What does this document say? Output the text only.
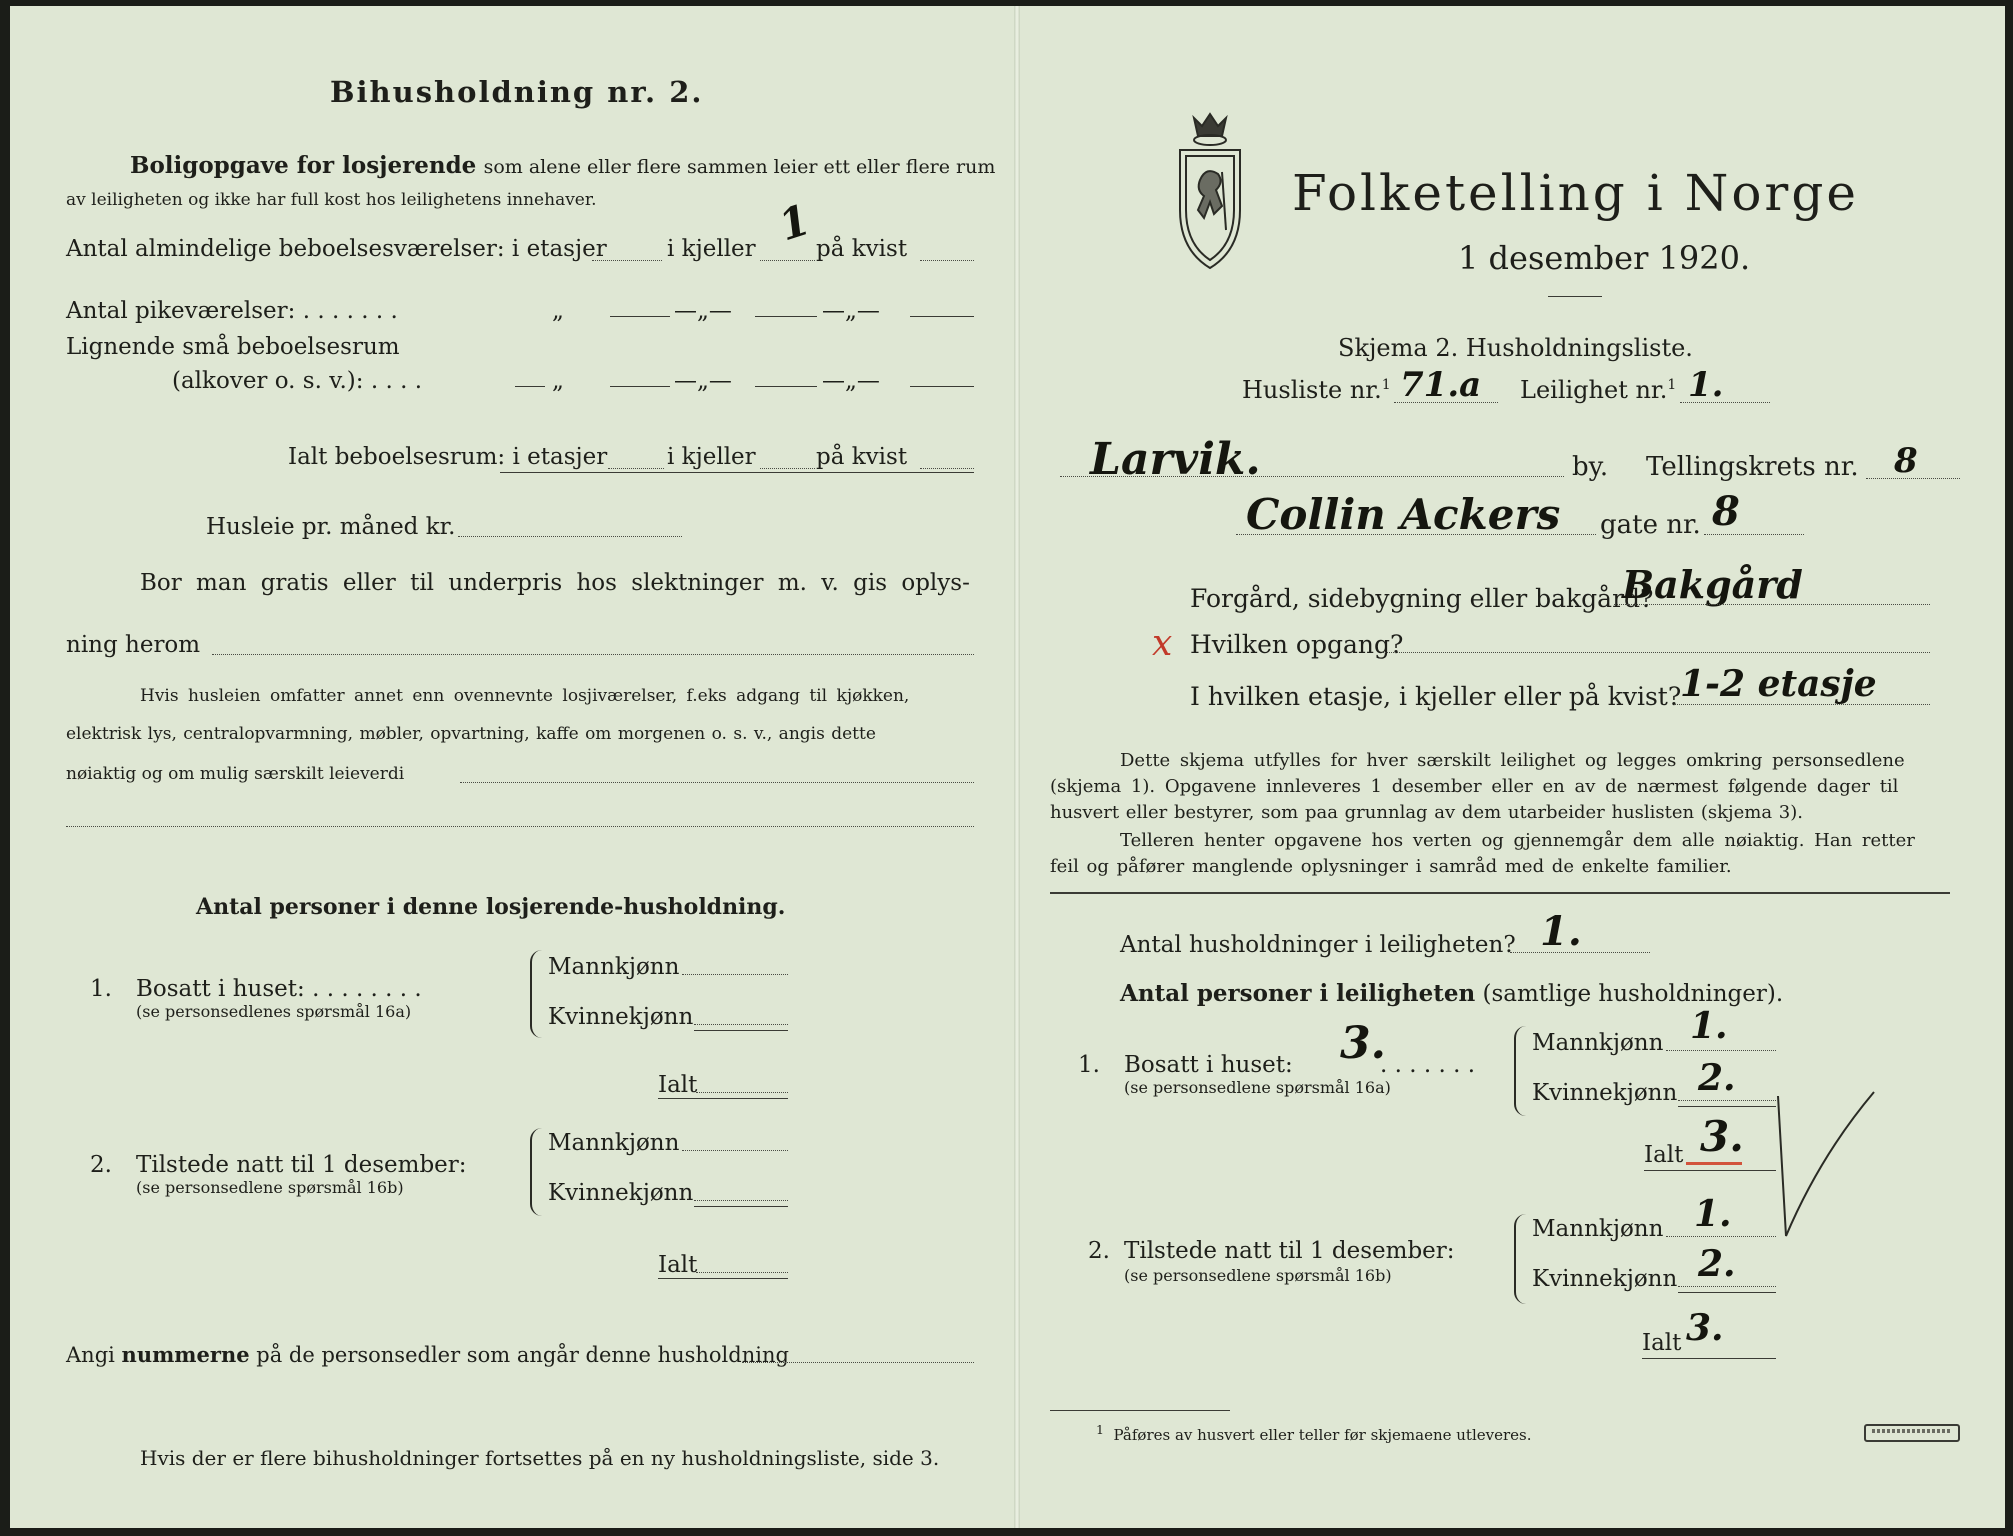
Bihusholdning nr. 2.
Boligopgave for losjerende som alene eller flere sammen leier ett eller flere rum
av leiligheten og ikke har full kost hos leilighetens innehaver.
Antal almindelige beboelsesværelser: i etasjer	i kjeller 1 på kvist
Antal pikeværelser: . . . . . . .	„	—„—	—„—
Lignende små beboelsesrum
(alkover o. s. v.): . . . .	„	—„—	—„—
Ialt beboelsesrum: i etasjer	i kjeller	på kvist
Husleie pr. måned kr.
Bor man gratis eller til underpris hos slektninger m. v. gis oplys-
ning herom
Hvis husleien omfatter annet enn ovennevnte losjiværelser, f.eks adgang til kjøkken,
elektrisk lys, centralopvarmning, møbler, opvartning, kaffe om morgenen o. s. v., angis dette
nøiaktig og om mulig særskilt leieverdi
Antal personer i denne losjerende-husholdning.
1. Bosatt i huset: . . . . . . . .
(se personsedlenes spørsmål 16a)
Mannkjønn
Kvinnekjønn
Ialt
2. Tilstede natt til 1 desember:
(se personsedlene spørsmål 16b)
Mannkjønn
Kvinnekjønn
Ialt
Angi nummerne på de personsedler som angår denne husholdning
Hvis der er flere bihusholdninger fortsettes på en ny husholdningsliste, side 3.
Folketelling i Norge
1 desember 1920.
Skjema 2. Husholdningsliste.
Husliste nr.$^1$ 71.a Leilighet nr.$^1$ 1.
Larvik.	by. Tellingskrets nr. 8
Collin Ackers gate nr. 8
Forgård, sidebygning eller bakgård?
Bakgård
x Hvilken opgang?
I hvilken etasje, i kjeller eller på kvist?
1-2 etasje
Dette skjema utfylles for hver særskilt leilighet og legges omkring personsedlene
(skjema 1). Opgavene innleveres 1 desember eller en av de nærmest følgende dager til
husvert eller bestyrer, som paa grunnlag av dem utarbeider huslisten (skjema 3).
Telleren henter opgavene hos verten og gjennemgår dem alle nøiaktig. Han retter
feil og påfører manglende oplysninger i samråd med de enkelte familier.
Antal husholdninger i leiligheten? 1.
Antal personer i leiligheten (samtlige husholdninger).
1. Bosatt i huset: 3.
. . . . . . .
(se personsedlene spørsmål 16a)
Mannkjønn 1.
Kvinnekjønn 2.
Ialt 3.
2. Tilstede natt til 1 desember:
(se personsedlene spørsmål 16b)
Mannkjønn 1.
Kvinnekjønn 2.
Ialt 3.
$^1$ Påføres av husvert eller teller før skjemaene utleveres.
